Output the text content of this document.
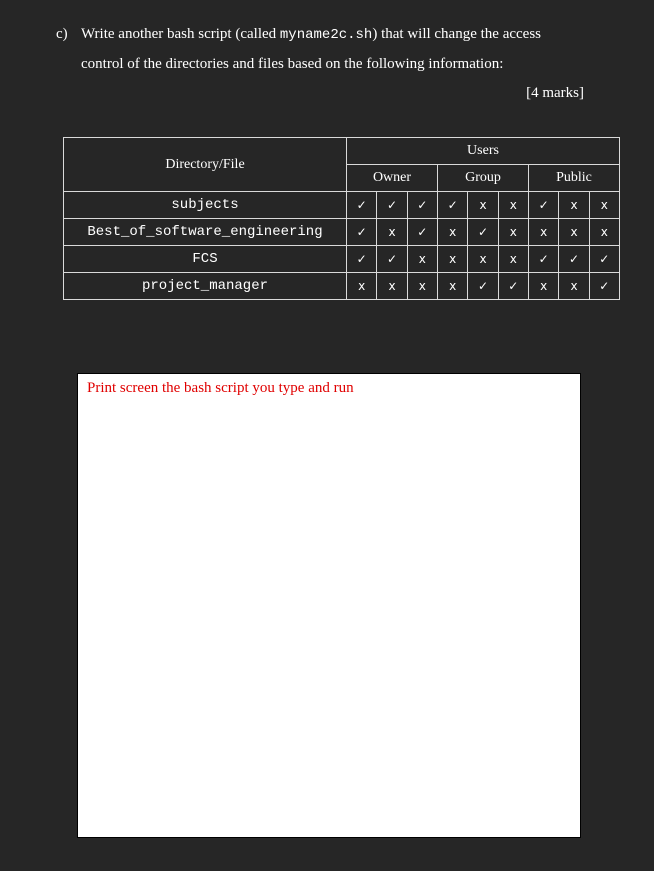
c) Write another bash script (called myname2c.sh) that will change the access
control of the directories and files based on the following information:
[4 marks]
Directory/File	Users								
	Owner			Group			Public		
subjects	✓	✓	✓	✓	x	x	✓	x	x
Best_of_software_engineering	✓	x	✓	x	✓	x	x	x	x
FCS	✓	✓	x	x	x	x	✓	✓	✓
project_manager	x	x	x	x	✓	✓	x	x	✓
Print screen the bash script you type and run
